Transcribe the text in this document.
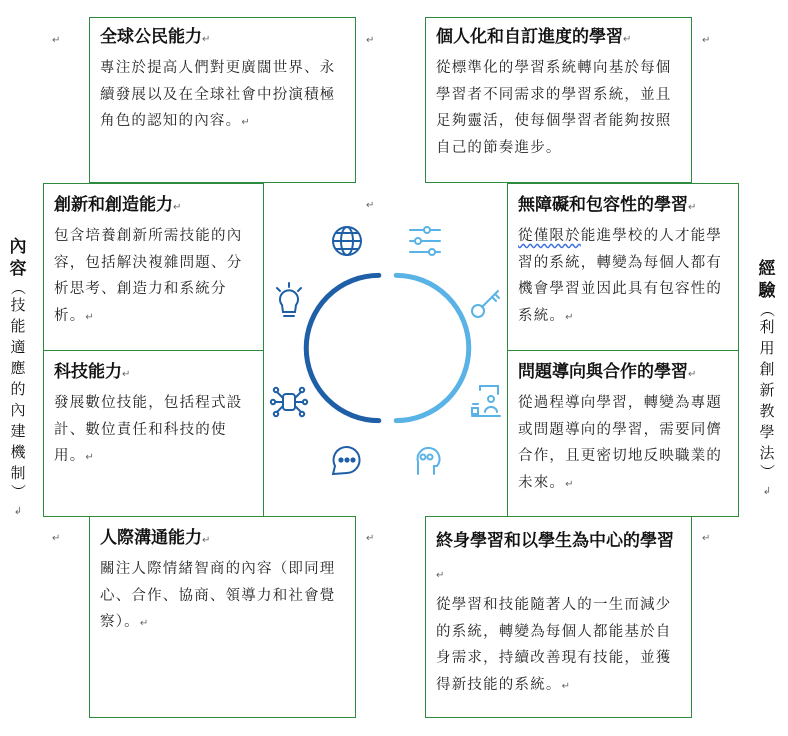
全球公民能力↵

專注於提高人們對更廣闊世界、永續發展以及在全球社會中扮演積極角色的認知的內容。↵

個人化和自訂進度的學習↵

從標準化的學習系統轉向基於每個學習者不同需求的學習系統，並且足夠靈活，使每個學習者能夠按照自己的節奏進步。

創新和創造能力↵

包含培養創新所需技能的內容，包括解決複雜問題、分析思考、創造力和系統分析。↵

無障礙和包容性的學習↵

從僅限於能進學校的人才能學習的系統，轉變為每個人都有機會學習並因此具有包容性的系統。↵

科技能力↵

發展數位技能，包括程式設計、數位責任和科技的使用。↵

問題導向與合作的學習↵

從過程導向學習，轉變為專題或問題導向的學習，需要同儕合作，且更密切地反映職業的未來。↵

人際溝通能力↵

關注人際情緒智商的內容（即同理心、合作、協商、領導力和社會覺察）。↵

終身學習和以學生為中心的學習↵

從學習和技能隨著人的一生而減少的系統，轉變為每個人都能基於自身需求，持續改善現有技能，並獲得新技能的系統。↵

↵	↵	↵
↵
↵	↵	↵
內容
（
技能適應的內建機制
）
↲
經驗
（
利用創新教學法
）
↲
